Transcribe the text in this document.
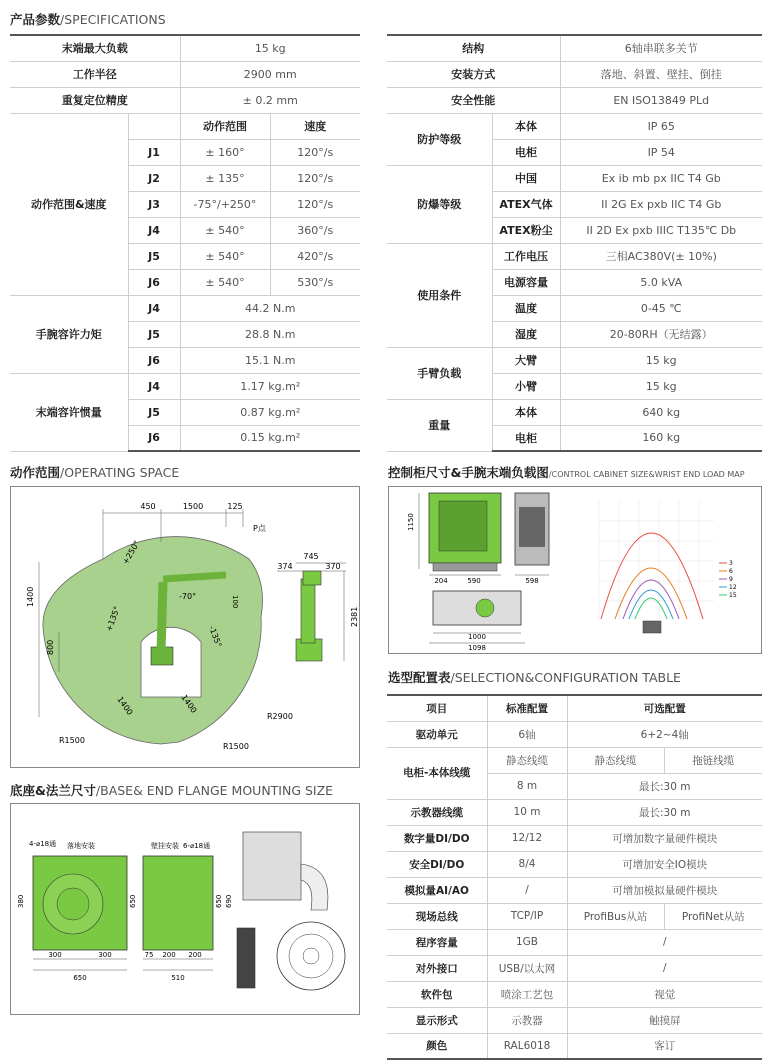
产品参数/SPECIFICATIONS
末端最大负载		15 kg	
工作半径		2900 mm	
重复定位精度		± 0.2 mm	
动作范围&速度		动作范围	速度
	J1	± 160°	120°/s
	J2	± 135°	120°/s
	J3	-75°/+250°	120°/s
	J4	± 540°	360°/s
	J5	± 540°	420°/s
	J6	± 540°	530°/s
手腕容许力矩	J4	44.2 N.m	
	J5	28.8 N.m	
	J6	15.1 N.m	
末端容许惯量	J4	1.17 kg.m²	
	J5	0.87 kg.m²	
	J6	0.15 kg.m²	
结构		6轴串联多关节
安装方式		落地、斜置、壁挂、倒挂
安全性能		EN ISO13849 PLd
防护等级	本体	IP 65
	电柜	IP 54
防爆等级	中国	Ex ib mb px IIC T4 Gb
	ATEX气体	II 2G Ex pxb IIC T4 Gb
	ATEX粉尘	II 2D Ex pxb IIIC T135℃ Db
使用条件	工作电压	三相AC380V(± 10%)
	电源容量	5.0 kVA
	温度	0-45 ℃
	湿度	20-80RH（无结露）
手臂负载	大臂	15 kg
	小臂	15 kg
重量	本体	640 kg
	电柜	160 kg
动作范围/OPERATING SPACE
450	1500	125
P点
+250°
-70°
+135°
-135°
100
1400
800
1400	1400
R2900
R1500
R1500
745
374	370
2381
控制柜尺寸&手腕末端负载图/CONTROL CABINET SIZE&WRIST END LOAD MAP
1150
204	590	598
1000
1098
3
6
9
12
15
底座&法兰尺寸/BASE& END FLANGE MOUNTING SIZE
4-⌀18通 落地安装
300	300
650
380	650
壁挂安装 6-⌀18通
75 200 200
510
650 690
选型配置表/SELECTION&CONFIGURATION TABLE
项目	标准配置	可选配置	
驱动单元	6轴	6+2~4轴	
电柜-本体线缆	静态线缆	静态线缆	拖链线缆
	8 m	最长:30 m	
示教器线缆	10 m	最长:30 m	
数字量DI/DO	12/12	可增加数字量硬件模块	
安全DI/DO	8/4	可增加安全IO模块	
模拟量AI/AO	/	可增加模拟量硬件模块	
现场总线	TCP/IP	ProfiBus从站	ProfiNet从站
程序容量	1GB	/	
对外接口	USB/以太网	/	
软件包	喷涂工艺包	视觉	
显示形式	示教器	触摸屏	
颜色	RAL6018	客订	
